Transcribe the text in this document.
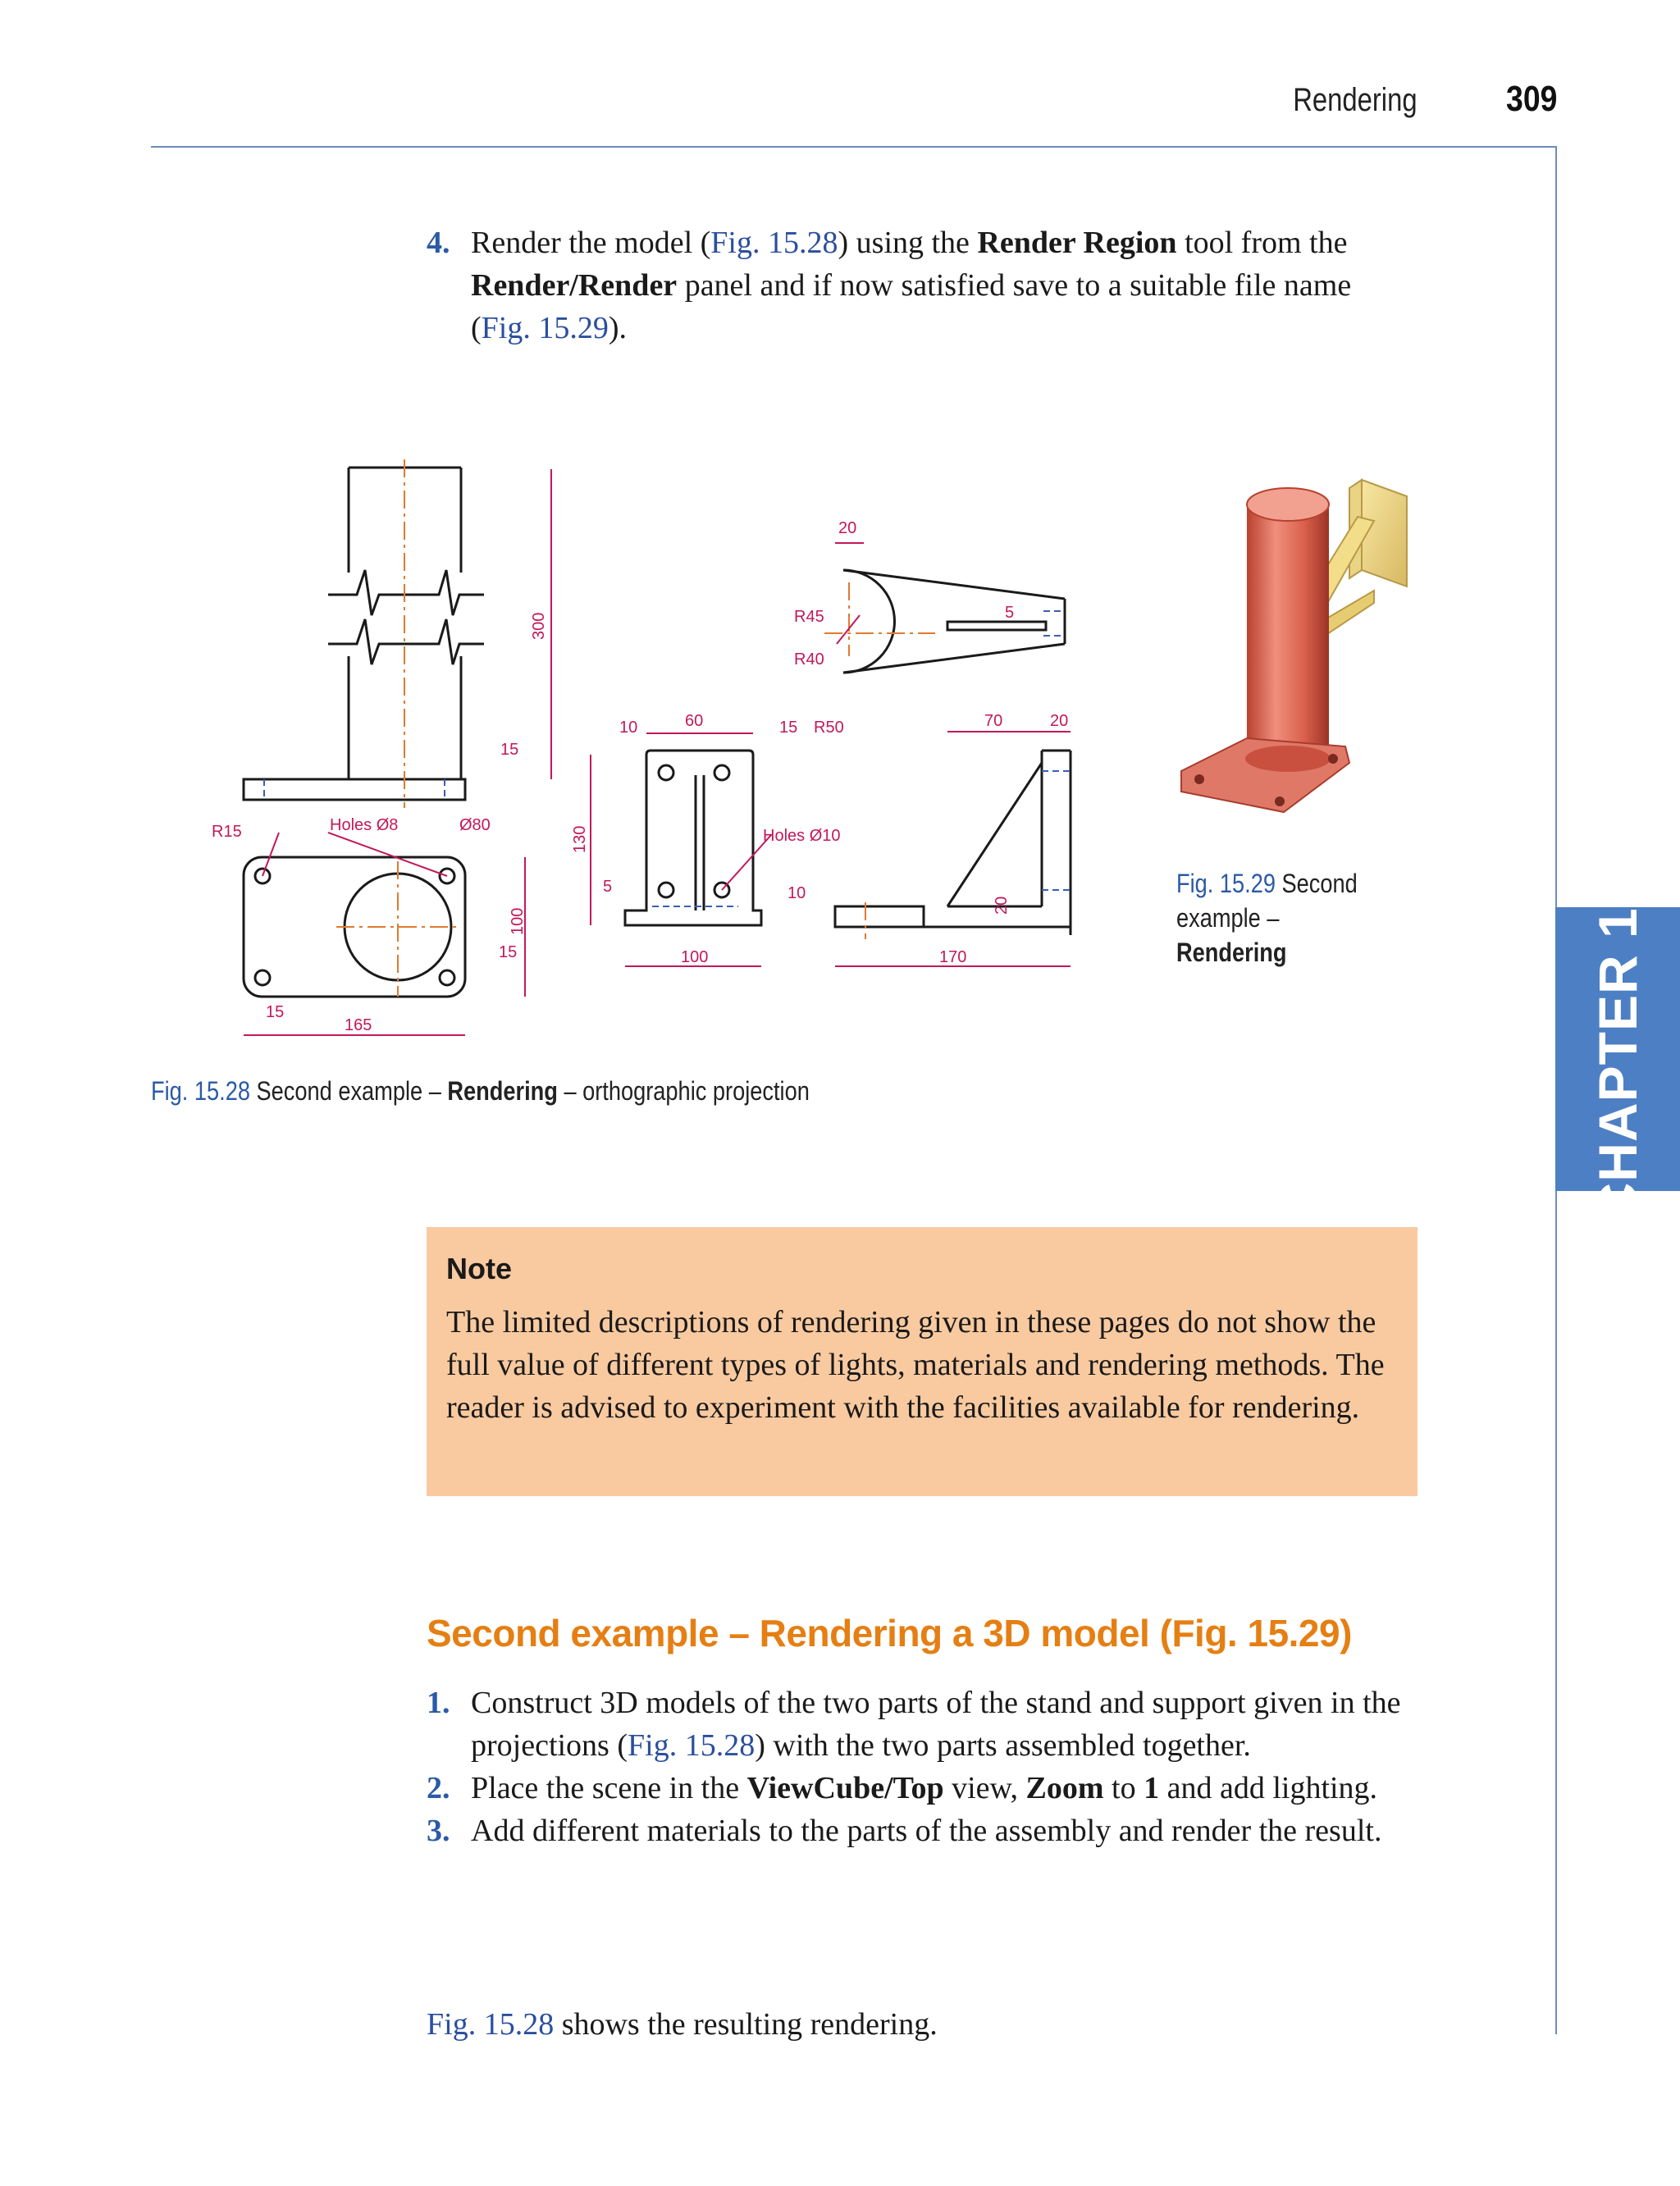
Rendering 309
CHAPTER 15
4. Render the model (Fig. 15.28) using the Render Region tool from the Render/Render panel and if now satisfied save to a suitable file name (Fig. 15.29).
R15	Holes Ø8	Ø80
15
300
100
15
15
165
10	60	15
130
5
Holes Ø10
10
100
20
R45
R40
R50
5
70	20
20
170
Fig. 15.28 Second example – Rendering – orthographic projection
Fig. 15.29 Second example – Rendering
Note
The limited descriptions of rendering given in these pages do not show the full value of different types of lights, materials and rendering methods. The reader is advised to experiment with the facilities available for rendering.
Second example – Rendering a 3D model (Fig. 15.29)
1. Construct 3D models of the two parts of the stand and support given in the projections (Fig. 15.28) with the two parts assembled together.
2. Place the scene in the ViewCube/Top view, Zoom to 1 and add lighting.
3. Add different materials to the parts of the assembly and render the result.
Fig. 15.28 shows the resulting rendering.
